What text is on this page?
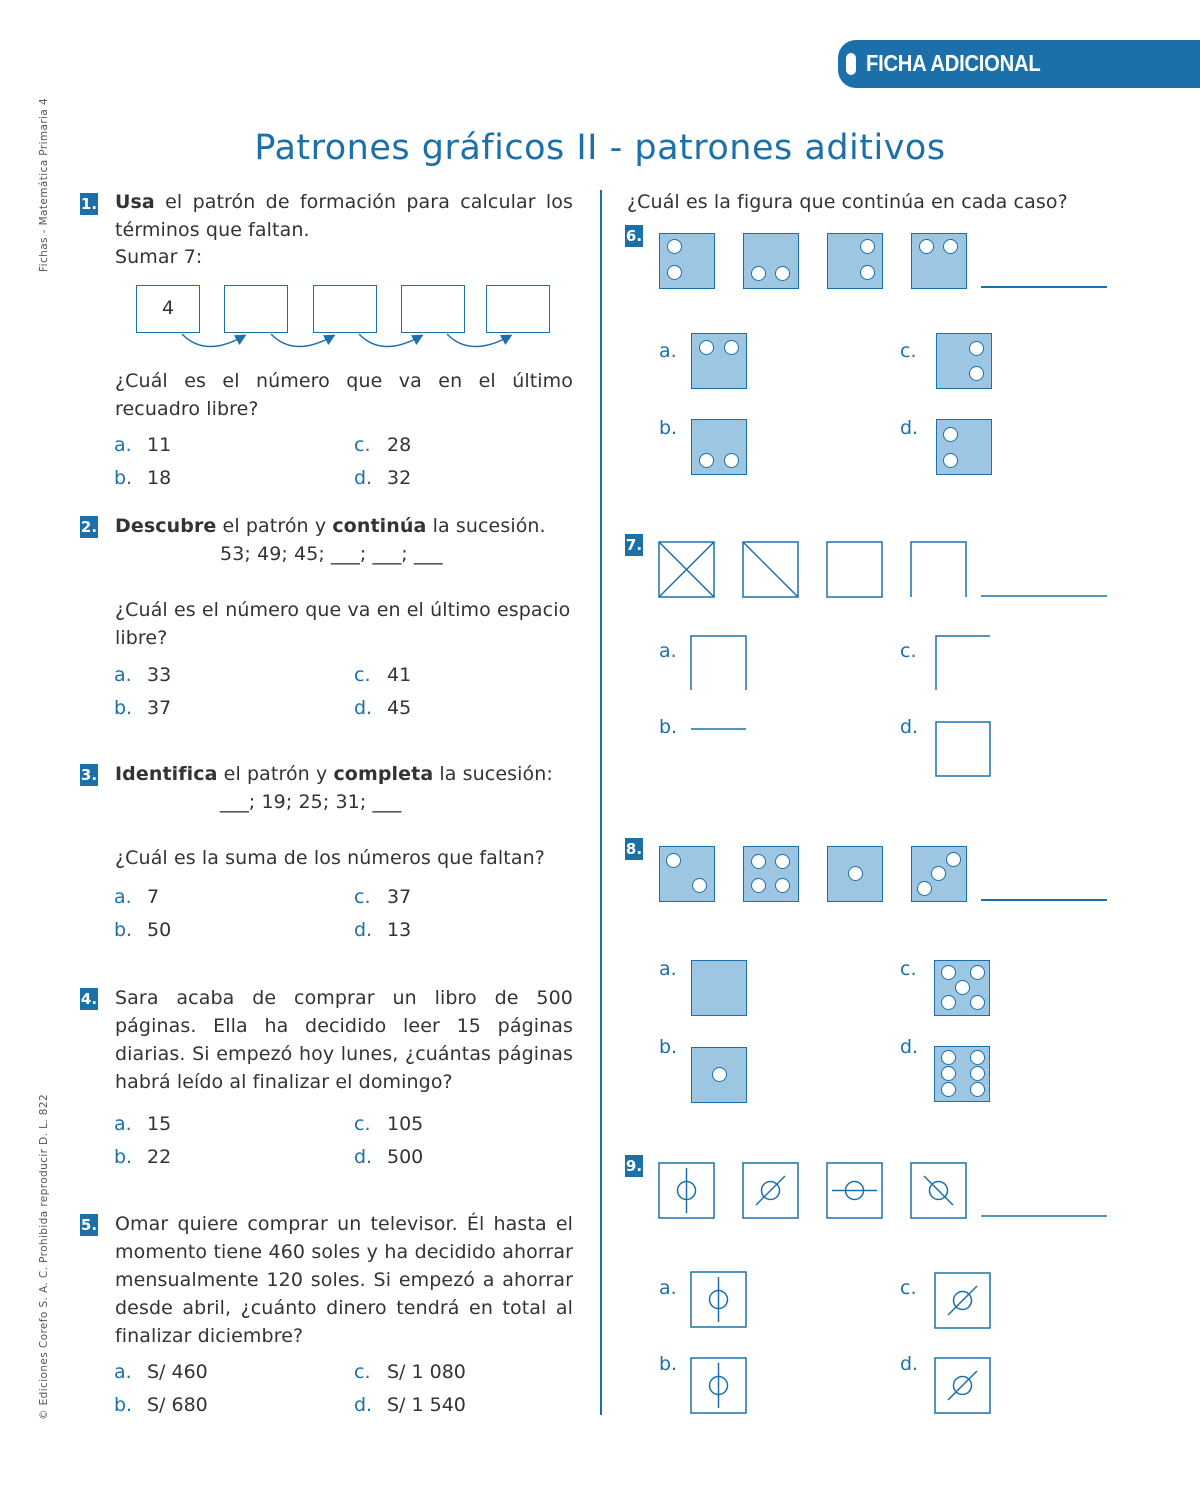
FICHA ADICIONAL
Patrones gráficos II - patrones aditivos
Fichas - Matemática Primaria 4
© Ediciones Corefo S. A. C. Prohibida reproducir D. L. 822
1. Usa el patrón de formación para calcular los términos que faltan.
Sumar 7:
4
¿Cuál es el número que va en el último recuadro libre?
a. 11	c. 28
b. 18	d. 32
2. Descubre el patrón y continúa la sucesión.
53; 49; 45; ___; ___; ___
¿Cuál es el número que va en el último espacio libre?
a. 33	c. 41
b. 37	d. 45
3. Identifica el patrón y completa la sucesión:
___; 19; 25; 31; ___
¿Cuál es la suma de los números que faltan?
a. 7	c. 37
b. 50	d. 13
4. Sara acaba de comprar un libro de 500 páginas. Ella ha decidido leer 15 páginas diarias. Si empezó hoy lunes, ¿cuántas páginas habrá leído al finalizar el domingo?
a. 15	c. 105
b. 22	d. 500
5. Omar quiere comprar un televisor. Él hasta el momento tiene 460 soles y ha decidido ahorrar mensualmente 120 soles. Si empezó a ahorrar desde abril, ¿cuánto dinero tendrá en total al finalizar diciembre?
a. S/ 460	c. S/ 1 080
b. S/ 680	d. S/ 1 540
¿Cuál es la figura que continúa en cada caso?
6.
a.	c.
b.	d.
7.
a.	c.
b.	d.
8.
a.	c.
b.	d.
9.
a.	c.
b.	d.
